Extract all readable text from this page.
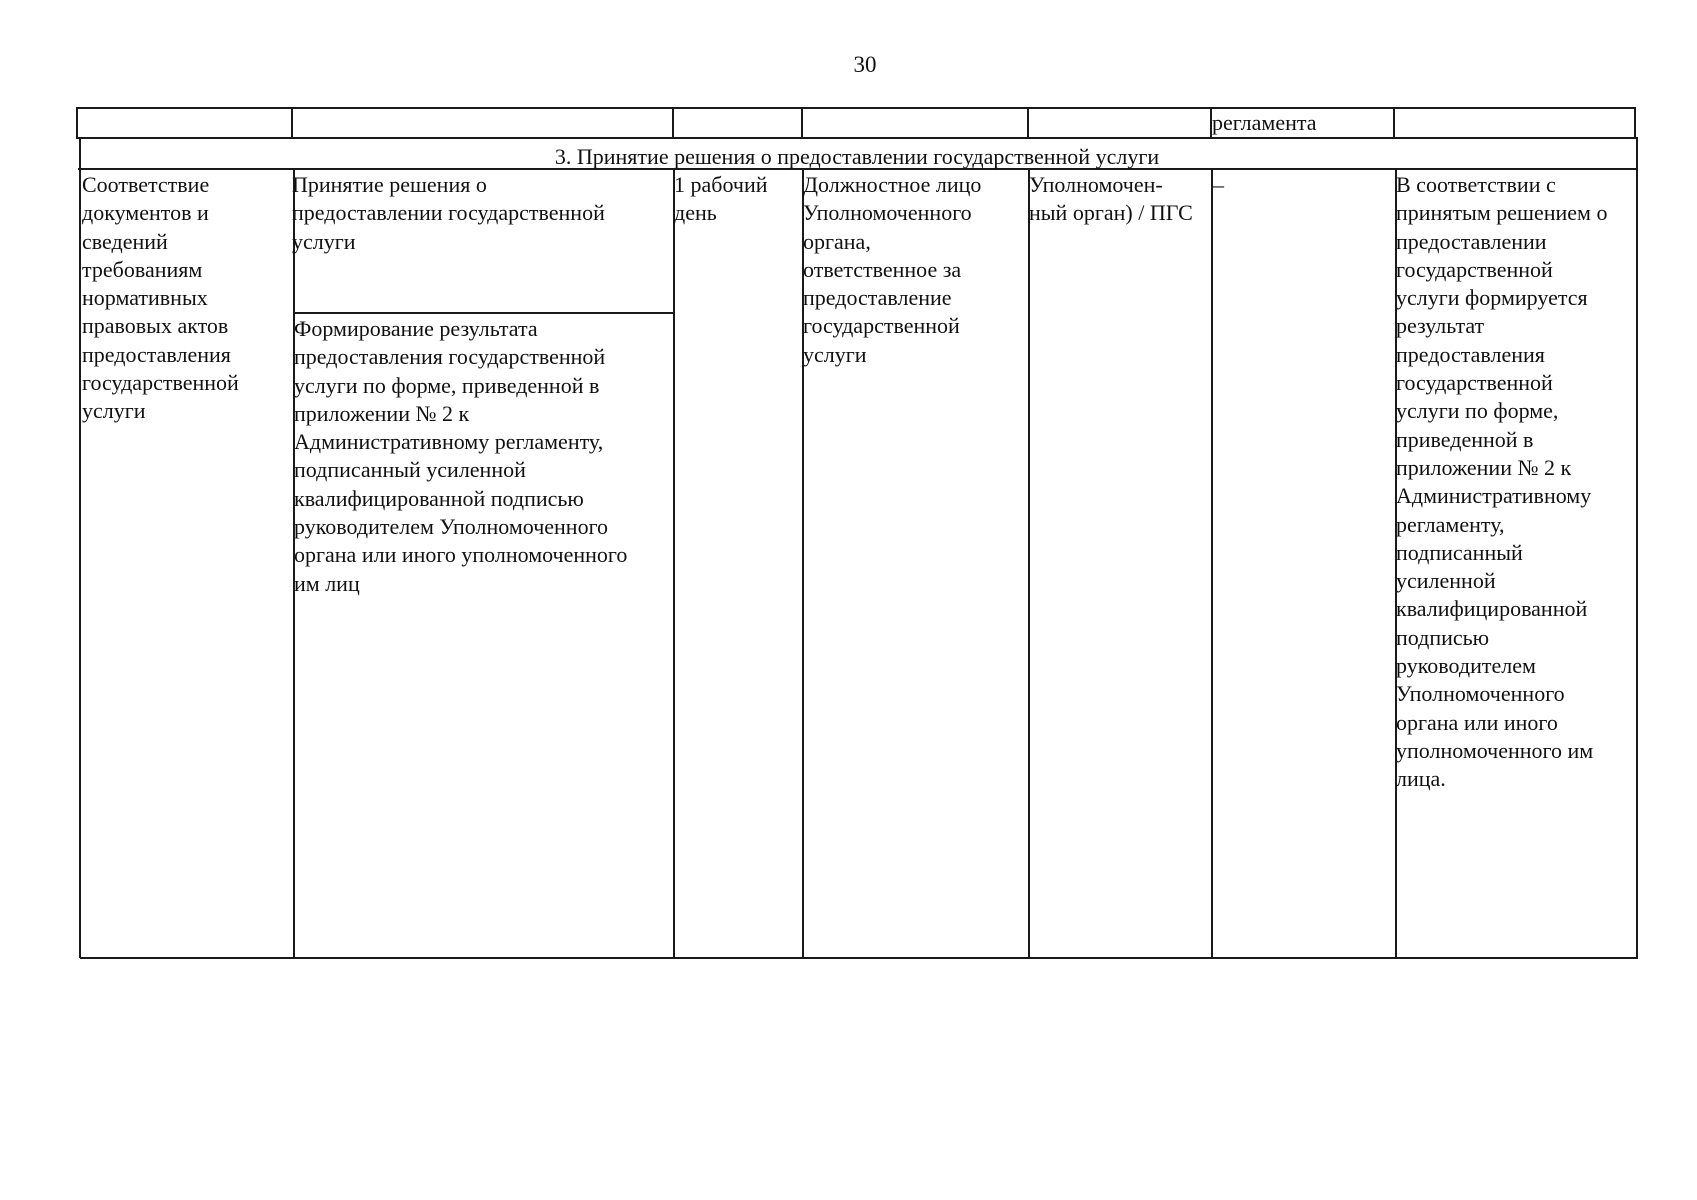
30
регламента
3. Принятие решения о предоставлении государственной услуги
Соответствие
документов и
сведений
требованиям
нормативных
правовых актов
предоставления
государственной
услуги
Принятие решения о
предоставлении государственной
услуги
Формирование результата
предоставления государственной
услуги по форме, приведенной в
приложении № 2 к
Административному регламенту,
подписанный усиленной
квалифицированной подписью
руководителем Уполномоченного
органа или иного уполномоченного
им лиц
1 рабочий
день
Должностное лицо
Уполномоченного
органа,
ответственное за
предоставление
государственной
услуги
Уполномочен-
ный орган) / ПГС
–	В соответствии с
принятым решением о
предоставлении
государственной
услуги формируется
результат
предоставления
государственной
услуги по форме,
приведенной в
приложении № 2 к
Административному
регламенту,
подписанный
усиленной
квалифицированной
подписью
руководителем
Уполномоченного
органа или иного
уполномоченного им
лица.
